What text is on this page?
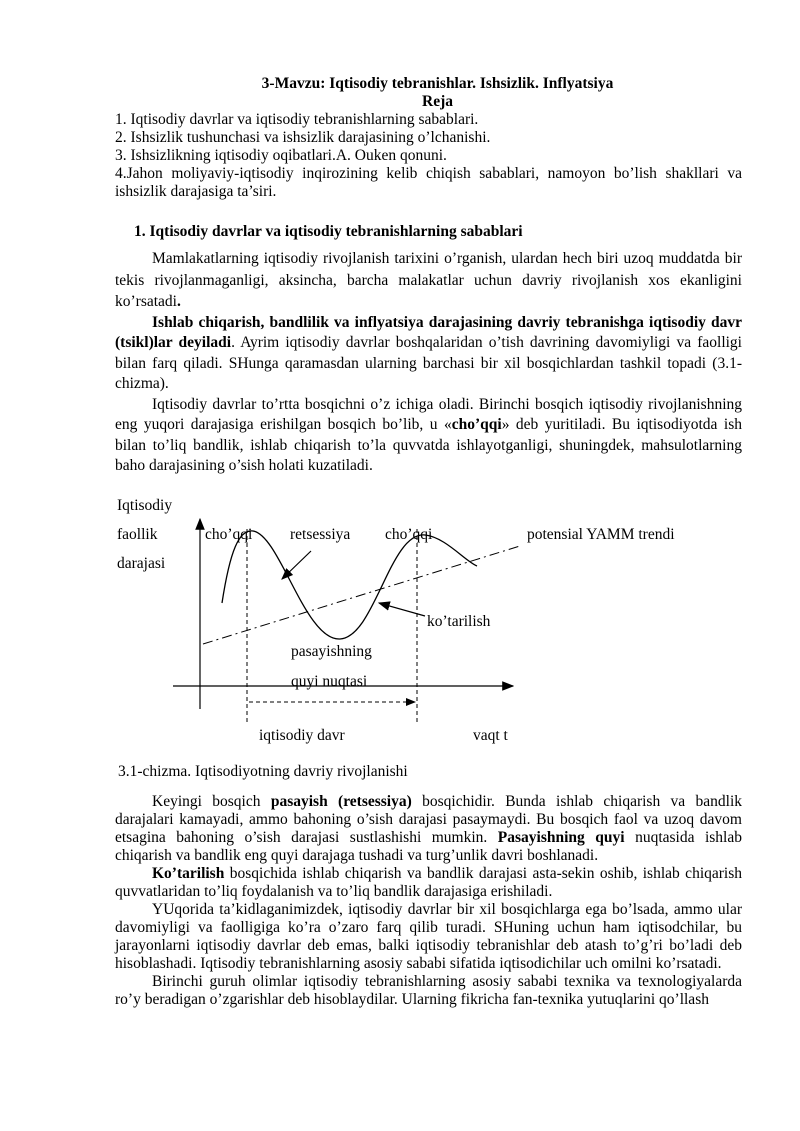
3-Mavzu: Iqtisodiy tebranishlar. Ishsizlik. Inflyatsiya
Reja
1. Iqtisodiy davrlar va iqtisodiy tebranishlarning sabablari.
2. Ishsizlik tushunchasi va ishsizlik darajasining o’lchanishi.
3. Ishsizlikning iqtisodiy oqibatlari.A. Ouken qonuni.
4.Jahon moliyaviy-iqtisodiy inqirozining kelib chiqish sabablari, namoyon bo’lish shakllari va ishsizlik darajasiga ta’siri.
1. Iqtisodiy davrlar va iqtisodiy tebranishlarning sabablari

Mamlakatlarning iqtisodiy rivojlanish tarixini o’rganish, ulardan hech biri uzoq muddatda bir tekis rivojlanmaganligi, aksincha, barcha malakatlar uchun davriy rivojlanish xos ekanligini ko’rsatadi.

Ishlab chiqarish, bandlilik va inflyatsiya darajasining davriy tebranishga iqtisodiy davr (tsikl)lar deyiladi. Ayrim iqtisodiy davrlar boshqalaridan o’tish davrining davomiyligi va faolligi bilan farq qiladi. SHunga qaramasdan ularning barchasi bir xil bosqichlardan tashkil topadi (3.1-chizma).

Iqtisodiy davrlar to’rtta bosqichni o’z ichiga oladi. Birinchi bosqich iqtisodiy rivojlanishning eng yuqori darajasiga erishilgan bosqich bo’lib, u «cho’qqi» deb yuritiladi. Bu iqtisodiyotda ish bilan to’liq bandlik, ishlab chiqarish to’la quvvatda ishlayotganligi, shuningdek, mahsulotlarning baho darajasining o’sish holati kuzatiladi.

Iqtisodiy
faollik
darajasi
cho’qqi retsessiya cho’qqi	potensial YAMM trendi
ko’tarilish
pasayishning
quyi nuqtasi
iqtisodiy davr	vaqt t
3.1-chizma. Iqtisodiyotning davriy rivojlanishi

Keyingi bosqich pasayish (retsessiya) bosqichidir. Bunda ishlab chiqarish va bandlik darajalari kamayadi, ammo bahoning o’sish darajasi pasaymaydi. Bu bosqich faol va uzoq davom etsagina bahoning o’sish darajasi sustlashishi mumkin. Pasayishning quyi nuqtasida ishlab chiqarish va bandlik eng quyi darajaga tushadi va turg’unlik davri boshlanadi.

Ko’tarilish bosqichida ishlab chiqarish va bandlik darajasi asta-sekin oshib, ishlab chiqarish quvvatlaridan to’liq foydalanish va to’liq bandlik darajasiga erishiladi.

YUqorida ta’kidlaganimizdek, iqtisodiy davrlar bir xil bosqichlarga ega bo’lsada, ammo ular davomiyligi va faolligiga ko’ra o’zaro farq qilib turadi. SHuning uchun ham iqtisodchilar, bu jarayonlarni iqtisodiy davrlar deb emas, balki iqtisodiy tebranishlar deb atash to’g’ri bo’ladi deb hisoblashadi. Iqtisodiy tebranishlarning asosiy sababi sifatida iqtisodichilar uch omilni ko’rsatadi.

Birinchi guruh olimlar iqtisodiy tebranishlarning asosiy sababi texnika va texnologiyalarda ro’y beradigan o’zgarishlar deb hisoblaydilar. Ularning fikricha fan-texnika yutuqlarini qo’llash
